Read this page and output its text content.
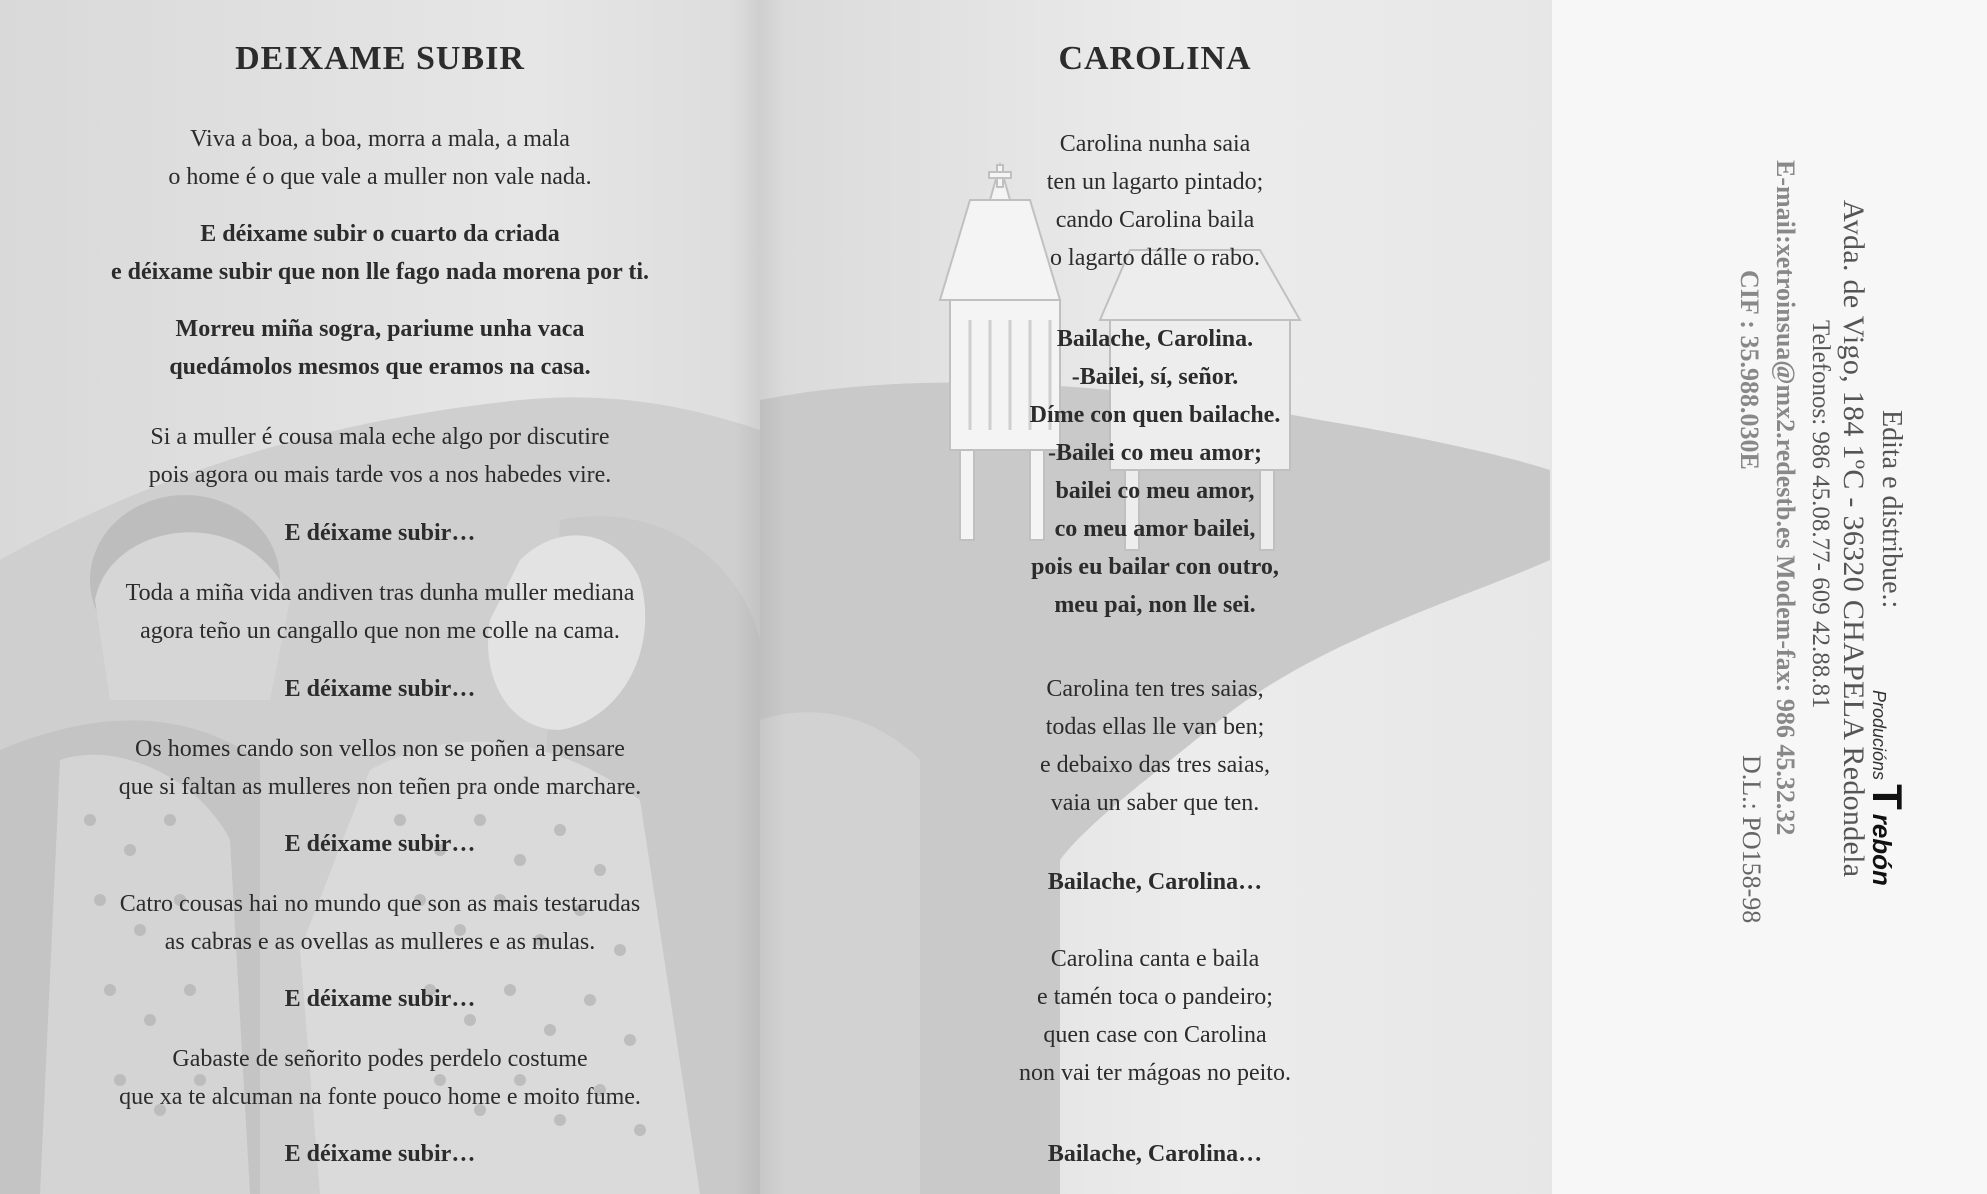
DEIXAME SUBIR
Viva a boa, a boa, morra a mala, a mala
o home é o que vale a muller non vale nada.
E déixame subir o cuarto da criada
e déixame subir que non lle fago nada morena por ti.
Morreu miña sogra, pariume unha vaca
quedámolos mesmos que eramos na casa.
Si a muller é cousa mala eche algo por discutire
pois agora ou mais tarde vos a nos habedes vire.
E déixame subir…
Toda a miña vida andiven tras dunha muller mediana
agora teño un cangallo que non me colle na cama.
E déixame subir…
Os homes cando son vellos non se poñen a pensare
que si faltan as mulleres non teñen pra onde marchare.
E déixame subir…
Catro cousas hai no mundo que son as mais testarudas
as cabras e as ovellas as mulleres e as mulas.
E déixame subir…
Gabaste de señorito podes perdelo costume
que xa te alcuman na fonte pouco home e moito fume.
E déixame subir…
CAROLINA
Carolina nunha saia
ten un lagarto pintado;
cando Carolina baila
o lagarto dálle o rabo.
Bailache, Carolina.
-Bailei, sí, señor.
Díme con quen bailache.
-Bailei co meu amor;
bailei co meu amor,
co meu amor bailei,
pois eu bailar con outro,
meu pai, non lle sei.
Carolina ten tres saias,
todas ellas lle van ben;
e debaixo das tres saias,
vaia un saber que ten.
Bailache, Carolina…
Carolina canta e baila
e tamén toca o pandeiro;
quen case con Carolina
non vai ter mágoas no peito.
Bailache, Carolina…
Edita e distribue.:
Producións T rebón
Avda. de Vigo, 184 1ºC - 36320 CHAPELA Redondela
Telefonos: 986 45.08.77- 609 42.88.81
E-mail:xetroinsua@mx2.redestb.es Modem-fax: 986 45.32.32
CIF : 35.988.030E
D.L.: PO158-98
